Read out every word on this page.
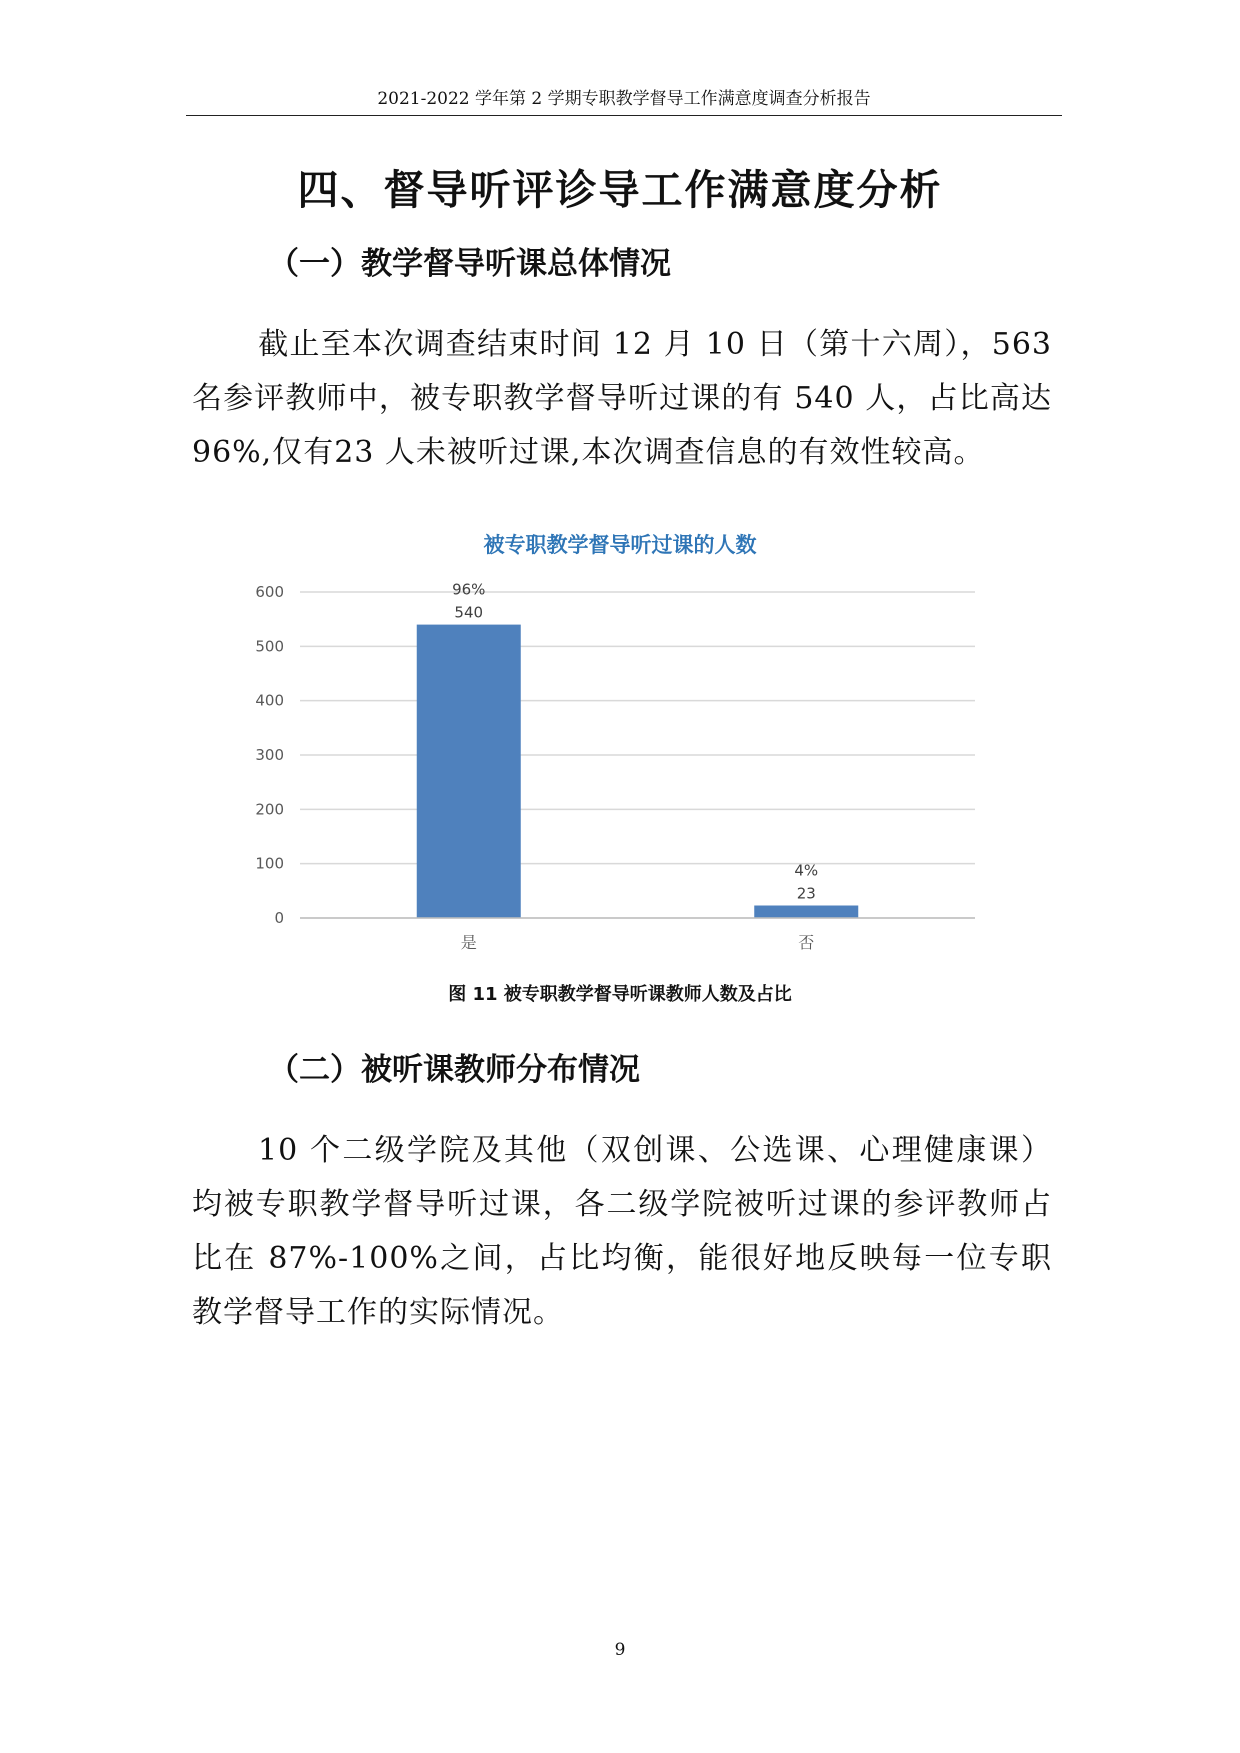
2021-2022 学年第 2 学期专职教学督导工作满意度调查分析报告
四、督导听评诊导工作满意度分析
（一）教学督导听课总体情况
截止至本次调查结束时间 12 月 10 日（第十六周），563 名参评教师中，被专职教学督导听过课的有 540 人，占比高达96%,仅有23 人未被听过课,本次调查信息的有效性较高。
被专职教学督导听过课的人数
0
100
200
300
400
500
600	96%
540
是
4%
23
否
图 11 被专职教学督导听课教师人数及占比
（二）被听课教师分布情况
10 个二级学院及其他（双创课、公选课、心理健康课）均被专职教学督导听过课，各二级学院被听过课的参评教师占比在 87%-100%之间，占比均衡，能很好地反映每一位专职教学督导工作的实际情况。
9
